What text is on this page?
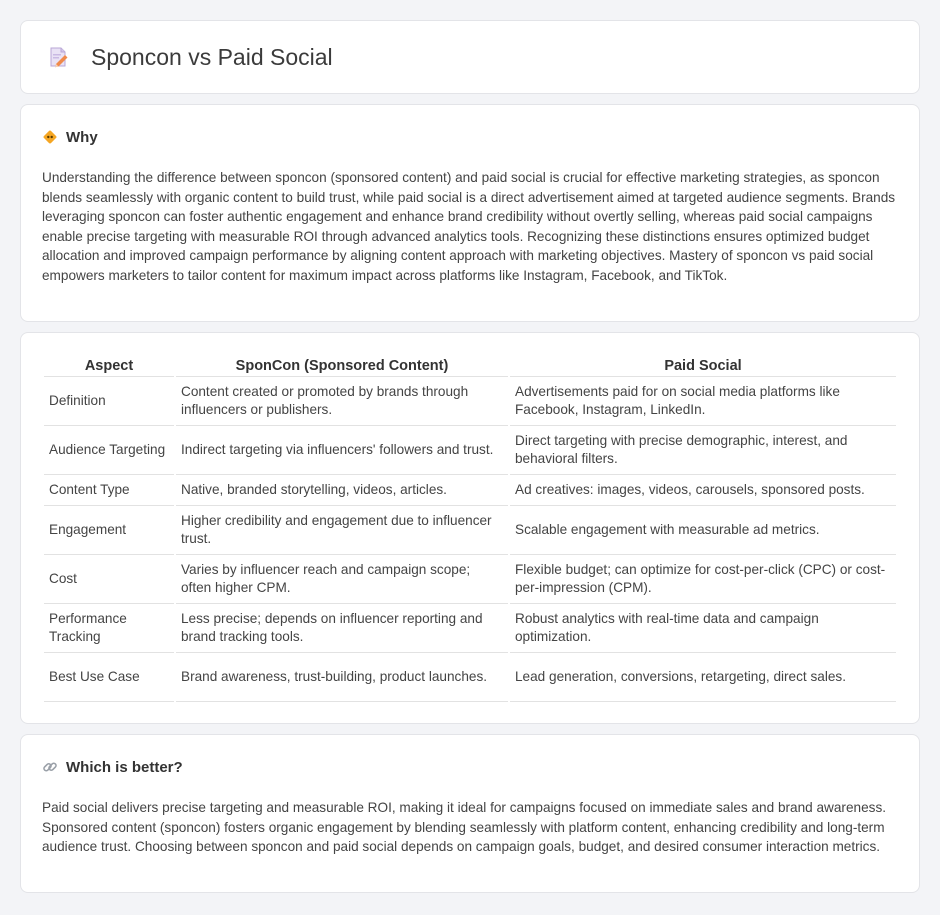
Sponcon vs Paid Social
Why

Understanding the difference between sponcon (sponsored content) and paid social is crucial for effective marketing strategies, as sponcon blends seamlessly with organic content to build trust, while paid social is a direct advertisement aimed at targeted audience segments. Brands leveraging sponcon can foster authentic engagement and enhance brand credibility without overtly selling, whereas paid social campaigns enable precise targeting with measurable ROI through advanced analytics tools. Recognizing these distinctions ensures optimized budget allocation and improved campaign performance by aligning content approach with marketing objectives. Mastery of sponcon vs paid social empowers marketers to tailor content for maximum impact across platforms like Instagram, Facebook, and TikTok.

Aspect	SponCon (Sponsored Content)	Paid Social
Definition	Content created or promoted by brands through influencers or publishers.	Advertisements paid for on social media platforms like Facebook, Instagram, LinkedIn.
Audience Targeting	Indirect targeting via influencers' followers and trust.	Direct targeting with precise demographic, interest, and behavioral filters.
Content Type	Native, branded storytelling, videos, articles.	Ad creatives: images, videos, carousels, sponsored posts.
Engagement	Higher credibility and engagement due to influencer trust.	Scalable engagement with measurable ad metrics.
Cost	Varies by influencer reach and campaign scope; often higher CPM.	Flexible budget; can optimize for cost-per-click (CPC) or cost-per-impression (CPM).
Performance Tracking	Less precise; depends on influencer reporting and brand tracking tools.	Robust analytics with real-time data and campaign optimization.
Best Use Case	Brand awareness, trust-building, product launches.	Lead generation, conversions, retargeting, direct sales.
Which is better?

Paid social delivers precise targeting and measurable ROI, making it ideal for campaigns focused on immediate sales and brand awareness. Sponsored content (sponcon) fosters organic engagement by blending seamlessly with platform content, enhancing credibility and long-term audience trust. Choosing between sponcon and paid social depends on campaign goals, budget, and desired consumer interaction metrics.
